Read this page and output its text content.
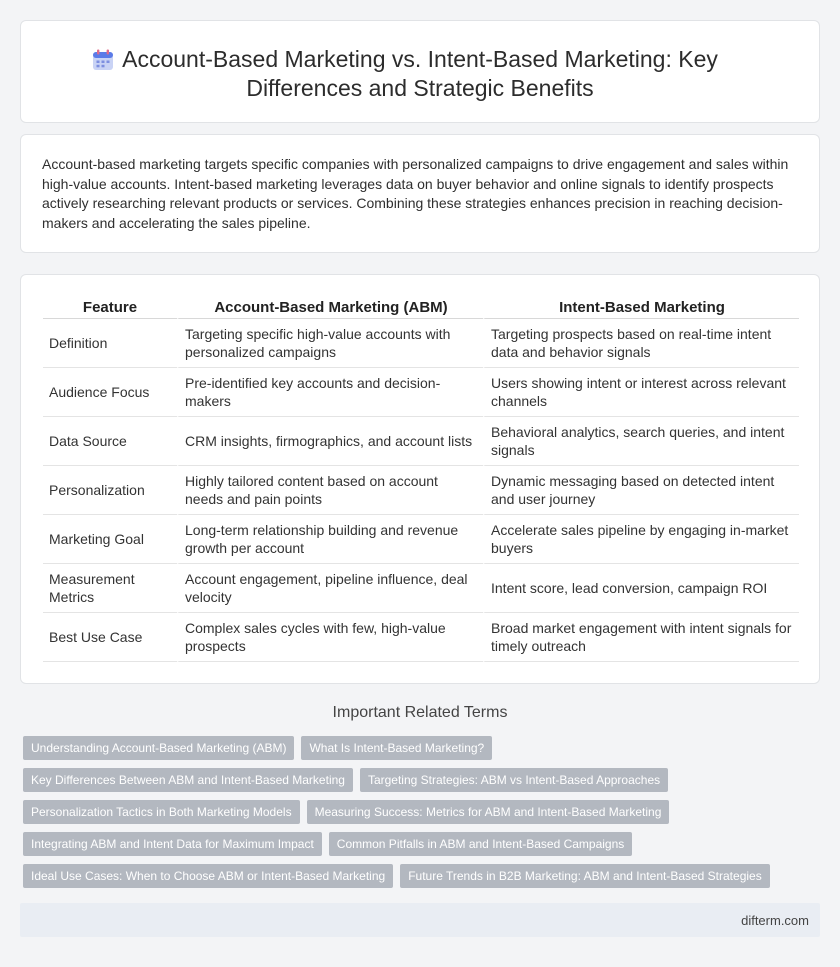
Account-Based Marketing vs. Intent-Based Marketing: Key Differences and Strategic Benefits

Account-based marketing targets specific companies with personalized campaigns to drive engagement and sales within high-value accounts. Intent-based marketing leverages data on buyer behavior and online signals to identify prospects actively researching relevant products or services. Combining these strategies enhances precision in reaching decision-makers and accelerating the sales pipeline.

Feature	Account-Based Marketing (ABM)	Intent-Based Marketing
Definition	Targeting specific high-value accounts with personalized campaigns	Targeting prospects based on real-time intent data and behavior signals
Audience Focus	Pre-identified key accounts and decision-makers	Users showing intent or interest across relevant channels
Data Source	CRM insights, firmographics, and account lists	Behavioral analytics, search queries, and intent signals
Personalization	Highly tailored content based on account needs and pain points	Dynamic messaging based on detected intent and user journey
Marketing Goal	Long-term relationship building and revenue growth per account	Accelerate sales pipeline by engaging in-market buyers
Measurement Metrics	Account engagement, pipeline influence, deal velocity	Intent score, lead conversion, campaign ROI
Best Use Case	Complex sales cycles with few, high-value prospects	Broad market engagement with intent signals for timely outreach
Important Related Terms
Understanding Account-Based Marketing (ABM)	What Is Intent-Based Marketing?
Key Differences Between ABM and Intent-Based Marketing	Targeting Strategies: ABM vs Intent-Based Approaches
Personalization Tactics in Both Marketing Models	Measuring Success: Metrics for ABM and Intent-Based Marketing
Integrating ABM and Intent Data for Maximum Impact	Common Pitfalls in ABM and Intent-Based Campaigns
Ideal Use Cases: When to Choose ABM or Intent-Based Marketing	Future Trends in B2B Marketing: ABM and Intent-Based Strategies
difterm.com
